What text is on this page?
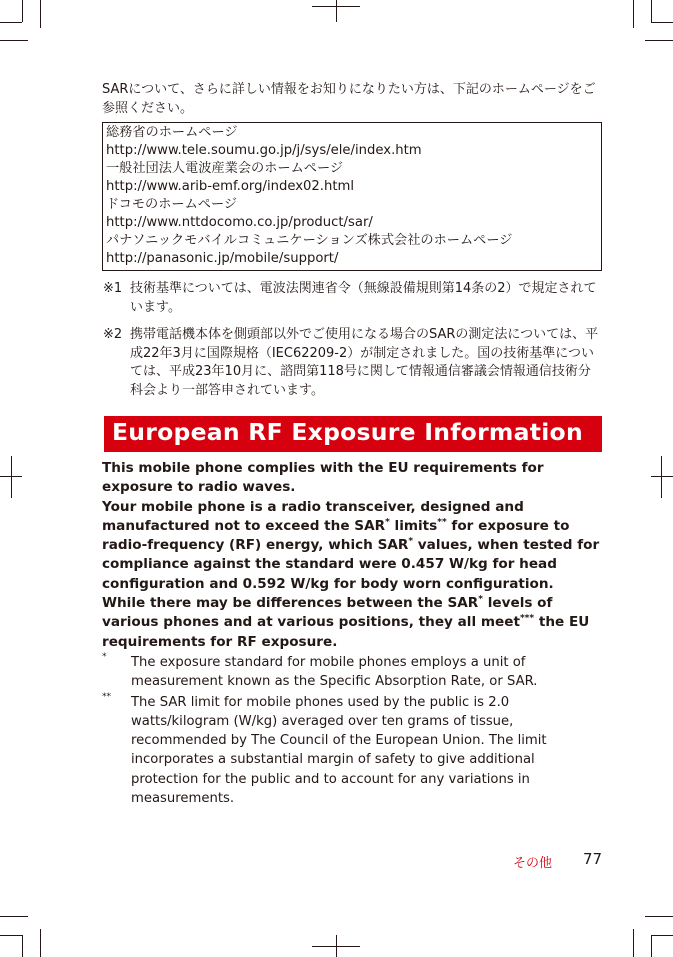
SARについて、さらに詳しい情報をお知りになりたい方は、下記のホームページをご参照ください。

総務省のホームページ
http://www.tele.soumu.go.jp/j/sys/ele/index.htm
一般社団法人電波産業会のホームページ
http://www.arib-emf.org/index02.html
ドコモのホームページ
http://www.nttdocomo.co.jp/product/sar/
パナソニックモバイルコミュニケーションズ株式会社のホームページ
http://panasonic.jp/mobile/support/
※1 技術基準については、電波法関連省令（無線設備規則第14条の2）で規定されています。
※2 携帯電話機本体を側頭部以外でご使用になる場合のSARの測定法については、平成22年3月に国際規格（IEC62209-2）が制定されました。国の技術基準については、平成23年10月に、諮問第118号に関して情報通信審議会情報通信技術分科会より一部答申されています。
European RF Exposure Information

This mobile phone complies with the EU requirements for exposure to radio waves.

Your mobile phone is a radio transceiver, designed and manufactured not to exceed the SAR* limits** for exposure to radio-frequency (RF) energy, which SAR* values, when tested for compliance against the standard were 0.457 W/kg for head configuration and 0.592 W/kg for body worn configuration.

While there may be differences between the SAR* levels of various phones and at various positions, they all meet*** the EU requirements for RF exposure.

* The exposure standard for mobile phones employs a unit of measurement known as the Specific Absorption Rate, or SAR.
** The SAR limit for mobile phones used by the public is 2.0 watts/kilogram (W/kg) averaged over ten grams of tissue, recommended by The Council of the European Union. The limit incorporates a substantial margin of safety to give additional protection for the public and to account for any variations in measurements.
その他 77
